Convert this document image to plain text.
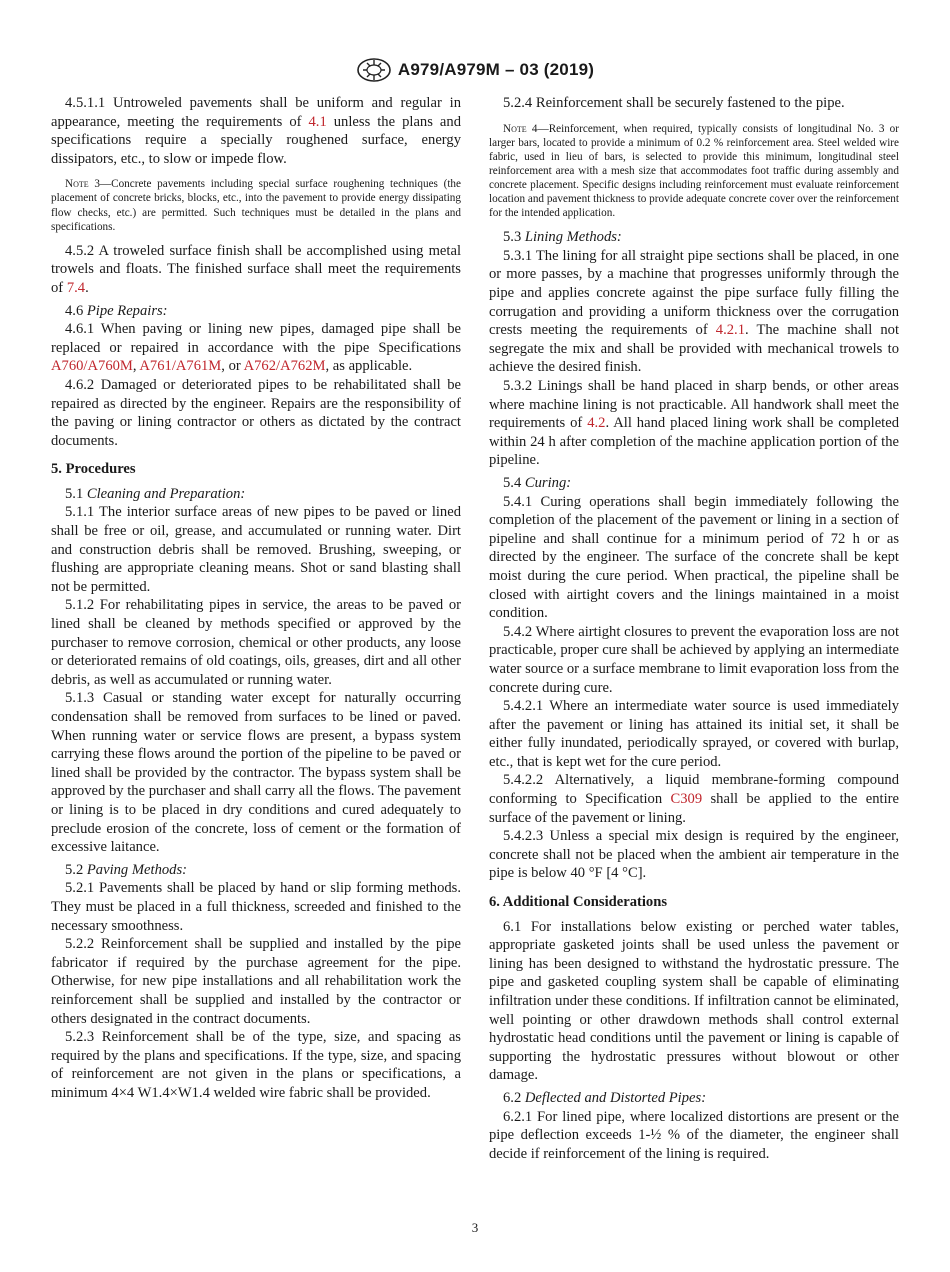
A979/A979M – 03 (2019)

4.5.1.1 Untroweled pavements shall be uniform and regular in appearance, meeting the requirements of 4.1 unless the plans and specifications require a specially roughened surface, energy dissipators, etc., to slow or impede flow.

Note 3—Concrete pavements including special surface roughening techniques (the placement of concrete bricks, blocks, etc., into the pavement to provide energy dissipating flow checks, etc.) are permitted. Such techniques must be detailed in the plans and specifications.

4.5.2 A troweled surface finish shall be accomplished using metal trowels and floats. The finished surface shall meet the requirements of 7.4.

4.6 Pipe Repairs:

4.6.1 When paving or lining new pipes, damaged pipe shall be replaced or repaired in accordance with the pipe Specifications A760/A760M, A761/A761M, or A762/A762M, as applicable.

4.6.2 Damaged or deteriorated pipes to be rehabilitated shall be repaired as directed by the engineer. Repairs are the responsibility of the paving or lining contractor or others as dictated by the contract documents.

5. Procedures

5.1 Cleaning and Preparation:

5.1.1 The interior surface areas of new pipes to be paved or lined shall be free or oil, grease, and accumulated or running water. Dirt and construction debris shall be removed. Brushing, sweeping, or flushing are appropriate cleaning means. Shot or sand blasting shall not be permitted.

5.1.2 For rehabilitating pipes in service, the areas to be paved or lined shall be cleaned by methods specified or approved by the purchaser to remove corrosion, chemical or other products, any loose or deteriorated remains of old coatings, oils, greases, dirt and all other debris, as well as accumulated or running water.

5.1.3 Casual or standing water except for naturally occurring condensation shall be removed from surfaces to be lined or paved. When running water or service flows are present, a bypass system carrying these flows around the portion of the pipeline to be paved or lined shall be provided by the contractor. The bypass system shall be approved by the purchaser and shall carry all the flows. The pavement or lining is to be placed in dry conditions and cured adequately to preclude erosion of the concrete, loss of cement or the formation of excessive laitance.

5.2 Paving Methods:

5.2.1 Pavements shall be placed by hand or slip forming methods. They must be placed in a full thickness, screeded and finished to the necessary smoothness.

5.2.2 Reinforcement shall be supplied and installed by the pipe fabricator if required by the purchase agreement for the pipe. Otherwise, for new pipe installations and all rehabilitation work the reinforcement shall be supplied and installed by the contractor or others designated in the contract documents.

5.2.3 Reinforcement shall be of the type, size, and spacing as required by the plans and specifications. If the type, size, and spacing of reinforcement are not given in the plans or specifications, a minimum 4×4 W1.4×W1.4 welded wire fabric shall be provided.

5.2.4 Reinforcement shall be securely fastened to the pipe.

Note 4—Reinforcement, when required, typically consists of longitudinal No. 3 or larger bars, located to provide a minimum of 0.2 % reinforcement area. Steel welded wire fabric, used in lieu of bars, is selected to provide this minimum, longitudinal steel reinforcement area with a mesh size that accommodates foot traffic during assembly and concrete placement. Specific designs including reinforcement must evaluate reinforcement location and pavement thickness to provide adequate concrete cover over the reinforcement for the intended application.

5.3 Lining Methods:

5.3.1 The lining for all straight pipe sections shall be placed, in one or more passes, by a machine that progresses uniformly through the pipe and applies concrete against the pipe surface fully filling the corrugation and providing a uniform thickness over the corrugation crests meeting the requirements of 4.2.1. The machine shall not segregate the mix and shall be provided with mechanical trowels to achieve the desired finish.

5.3.2 Linings shall be hand placed in sharp bends, or other areas where machine lining is not practicable. All handwork shall meet the requirements of 4.2. All hand placed lining work shall be completed within 24 h after completion of the machine application portion of the pipeline.

5.4 Curing:

5.4.1 Curing operations shall begin immediately following the completion of the placement of the pavement or lining in a section of pipeline and shall continue for a minimum period of 72 h or as directed by the engineer. The surface of the concrete shall be kept moist during the cure period. When practical, the pipeline shall be closed with airtight covers and the linings maintained in a moist condition.

5.4.2 Where airtight closures to prevent the evaporation loss are not practicable, proper cure shall be achieved by applying an intermediate water source or a surface membrane to limit evaporation loss from the concrete during cure.

5.4.2.1 Where an intermediate water source is used immediately after the pavement or lining has attained its initial set, it shall be either fully inundated, periodically sprayed, or covered with burlap, etc., that is kept wet for the cure period.

5.4.2.2 Alternatively, a liquid membrane-forming compound conforming to Specification C309 shall be applied to the entire surface of the pavement or lining.

5.4.2.3 Unless a special mix design is required by the engineer, concrete shall not be placed when the ambient air temperature in the pipe is below 40 °F [4 °C].

6. Additional Considerations

6.1 For installations below existing or perched water tables, appropriate gasketed joints shall be used unless the pavement or lining has been designed to withstand the hydrostatic pressure. The pipe and gasketed coupling system shall be capable of eliminating infiltration under these conditions. If infiltration cannot be eliminated, well pointing or other drawdown methods shall control external hydrostatic head conditions until the pavement or lining is capable of supporting the hydrostatic pressures without blowout or other damage.

6.2 Deflected and Distorted Pipes:

6.2.1 For lined pipe, where localized distortions are present or the pipe deflection exceeds 1-½ % of the diameter, the engineer shall decide if reinforcement of the lining is required.

3
